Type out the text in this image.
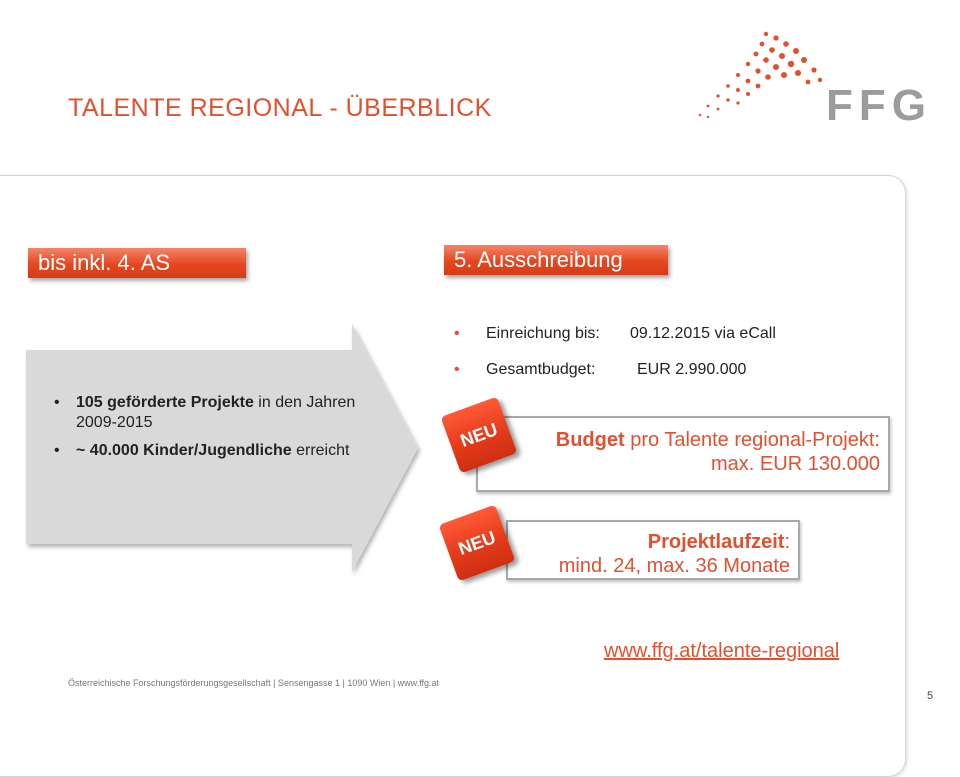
FFG
TALENTE REGIONAL - ÜBERBLICK
bis inkl. 4. AS
• 105 geförderte Projekte in den Jahren 2009-2015
• ~ 40.000 Kinder/Jugendliche erreicht
5. Ausschreibung
• Einreichung bis: 09.12.2015 via eCall
• Gesamtbudget:	EUR 2.990.000
Budget pro Talente regional-Projekt:
max. EUR 130.000
NEU
Projektlaufzeit:
mind. 24, max. 36 Monate
NEU
www.ffg.at/talente-regional
Österreichische Forschungsförderungsgesellschaft | Sensengasse 1 | 1090 Wien | www.ffg.at
5
